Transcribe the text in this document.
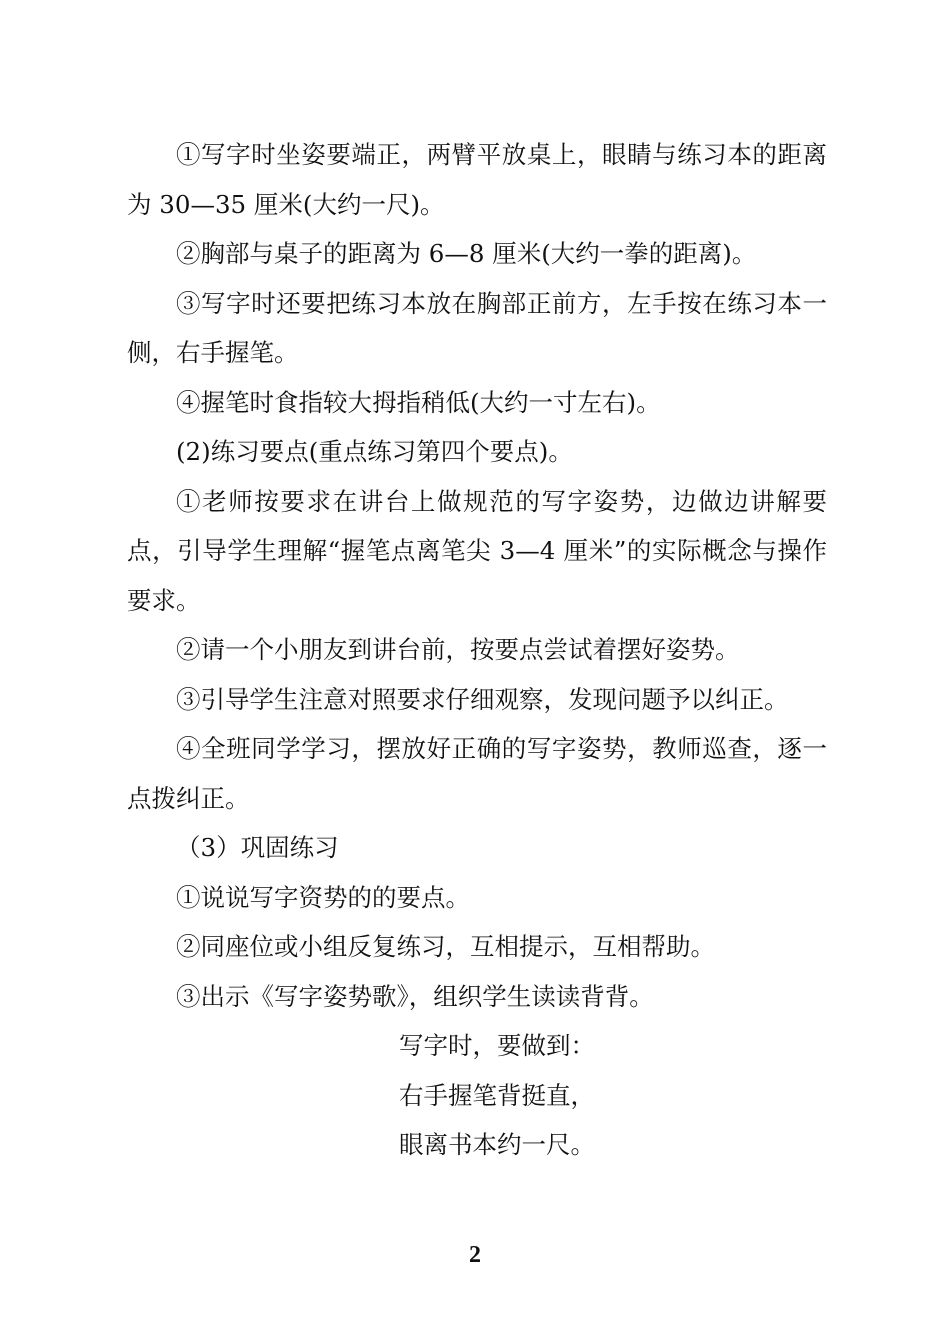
①写字时坐姿要端正，两臂平放桌上，眼睛与练习本的距离为 30—35 厘米(大约一尺)。

②胸部与桌子的距离为 6—8 厘米(大约一拳的距离)。

③写字时还要把练习本放在胸部正前方，左手按在练习本一侧，右手握笔。

④握笔时食指较大拇指稍低(大约一寸左右)。

(2)练习要点(重点练习第四个要点)。

①老师按要求在讲台上做规范的写字姿势，边做边讲解要点，引导学生理解“握笔点离笔尖 3—4 厘米”的实际概念与操作要求。

②请一个小朋友到讲台前，按要点尝试着摆好姿势。

③引导学生注意对照要求仔细观察，发现问题予以纠正。

④全班同学学习，摆放好正确的写字姿势，教师巡查，逐一点拨纠正。

（3）巩固练习

①说说写字资势的的要点。

②同座位或小组反复练习，互相提示，互相帮助。

③出示《写字姿势歌》，组织学生读读背背。

写字时，要做到：

右手握笔背挺直，

眼离书本约一尺。

2
